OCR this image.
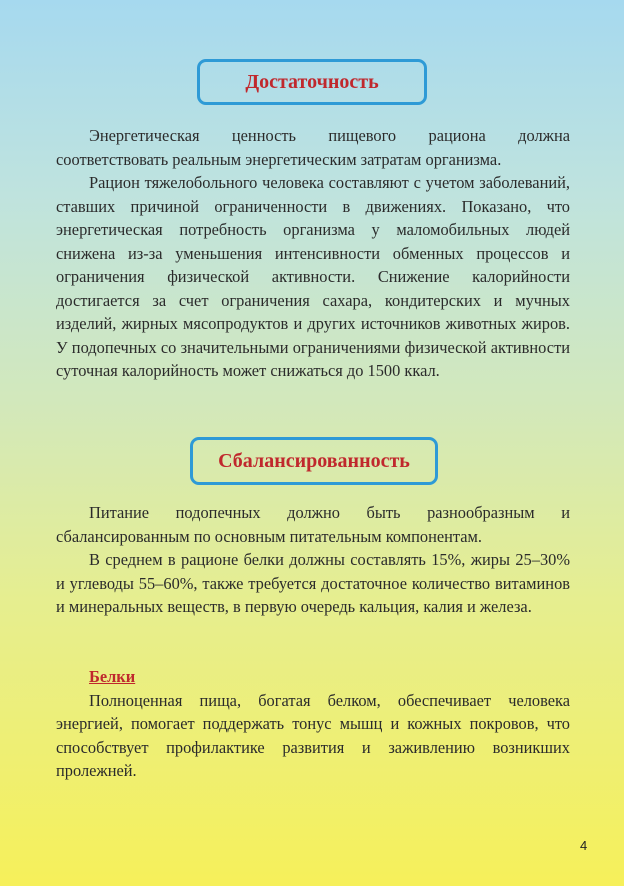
Достаточность

Энергетическая ценность пищевого рациона должна соответствовать реальным энергетическим затратам организма.

Рацион тяжелобольного человека составляют с учетом заболеваний, ставших причиной ограниченности в движениях. Показано, что энергетическая потребность организма у маломобильных людей снижена из-за уменьшения интенсивности обменных процессов и ограничения физической активности. Снижение калорийности достигается за счет ограничения сахара, кондитерских и мучных изделий, жирных мясопродуктов и других источников животных жиров. У подопечных со значительными ограничениями физической активности суточная калорийность может снижаться до 1500 ккал.

Сбалансированность

Питание подопечных должно быть разнообразным и сбалансированным по основным питательным компонентам.

В среднем в рационе белки должны составлять 15%, жиры 25–30% и углеводы 55–60%, также требуется достаточное количество витаминов и минеральных веществ, в первую очередь кальция, калия и железа.

Белки

Полноценная пища, богатая белком, обеспечивает человека энергией, помогает поддержать тонус мышц и кожных покровов, что способствует профилактике развития и заживлению возникших пролежней.

4
